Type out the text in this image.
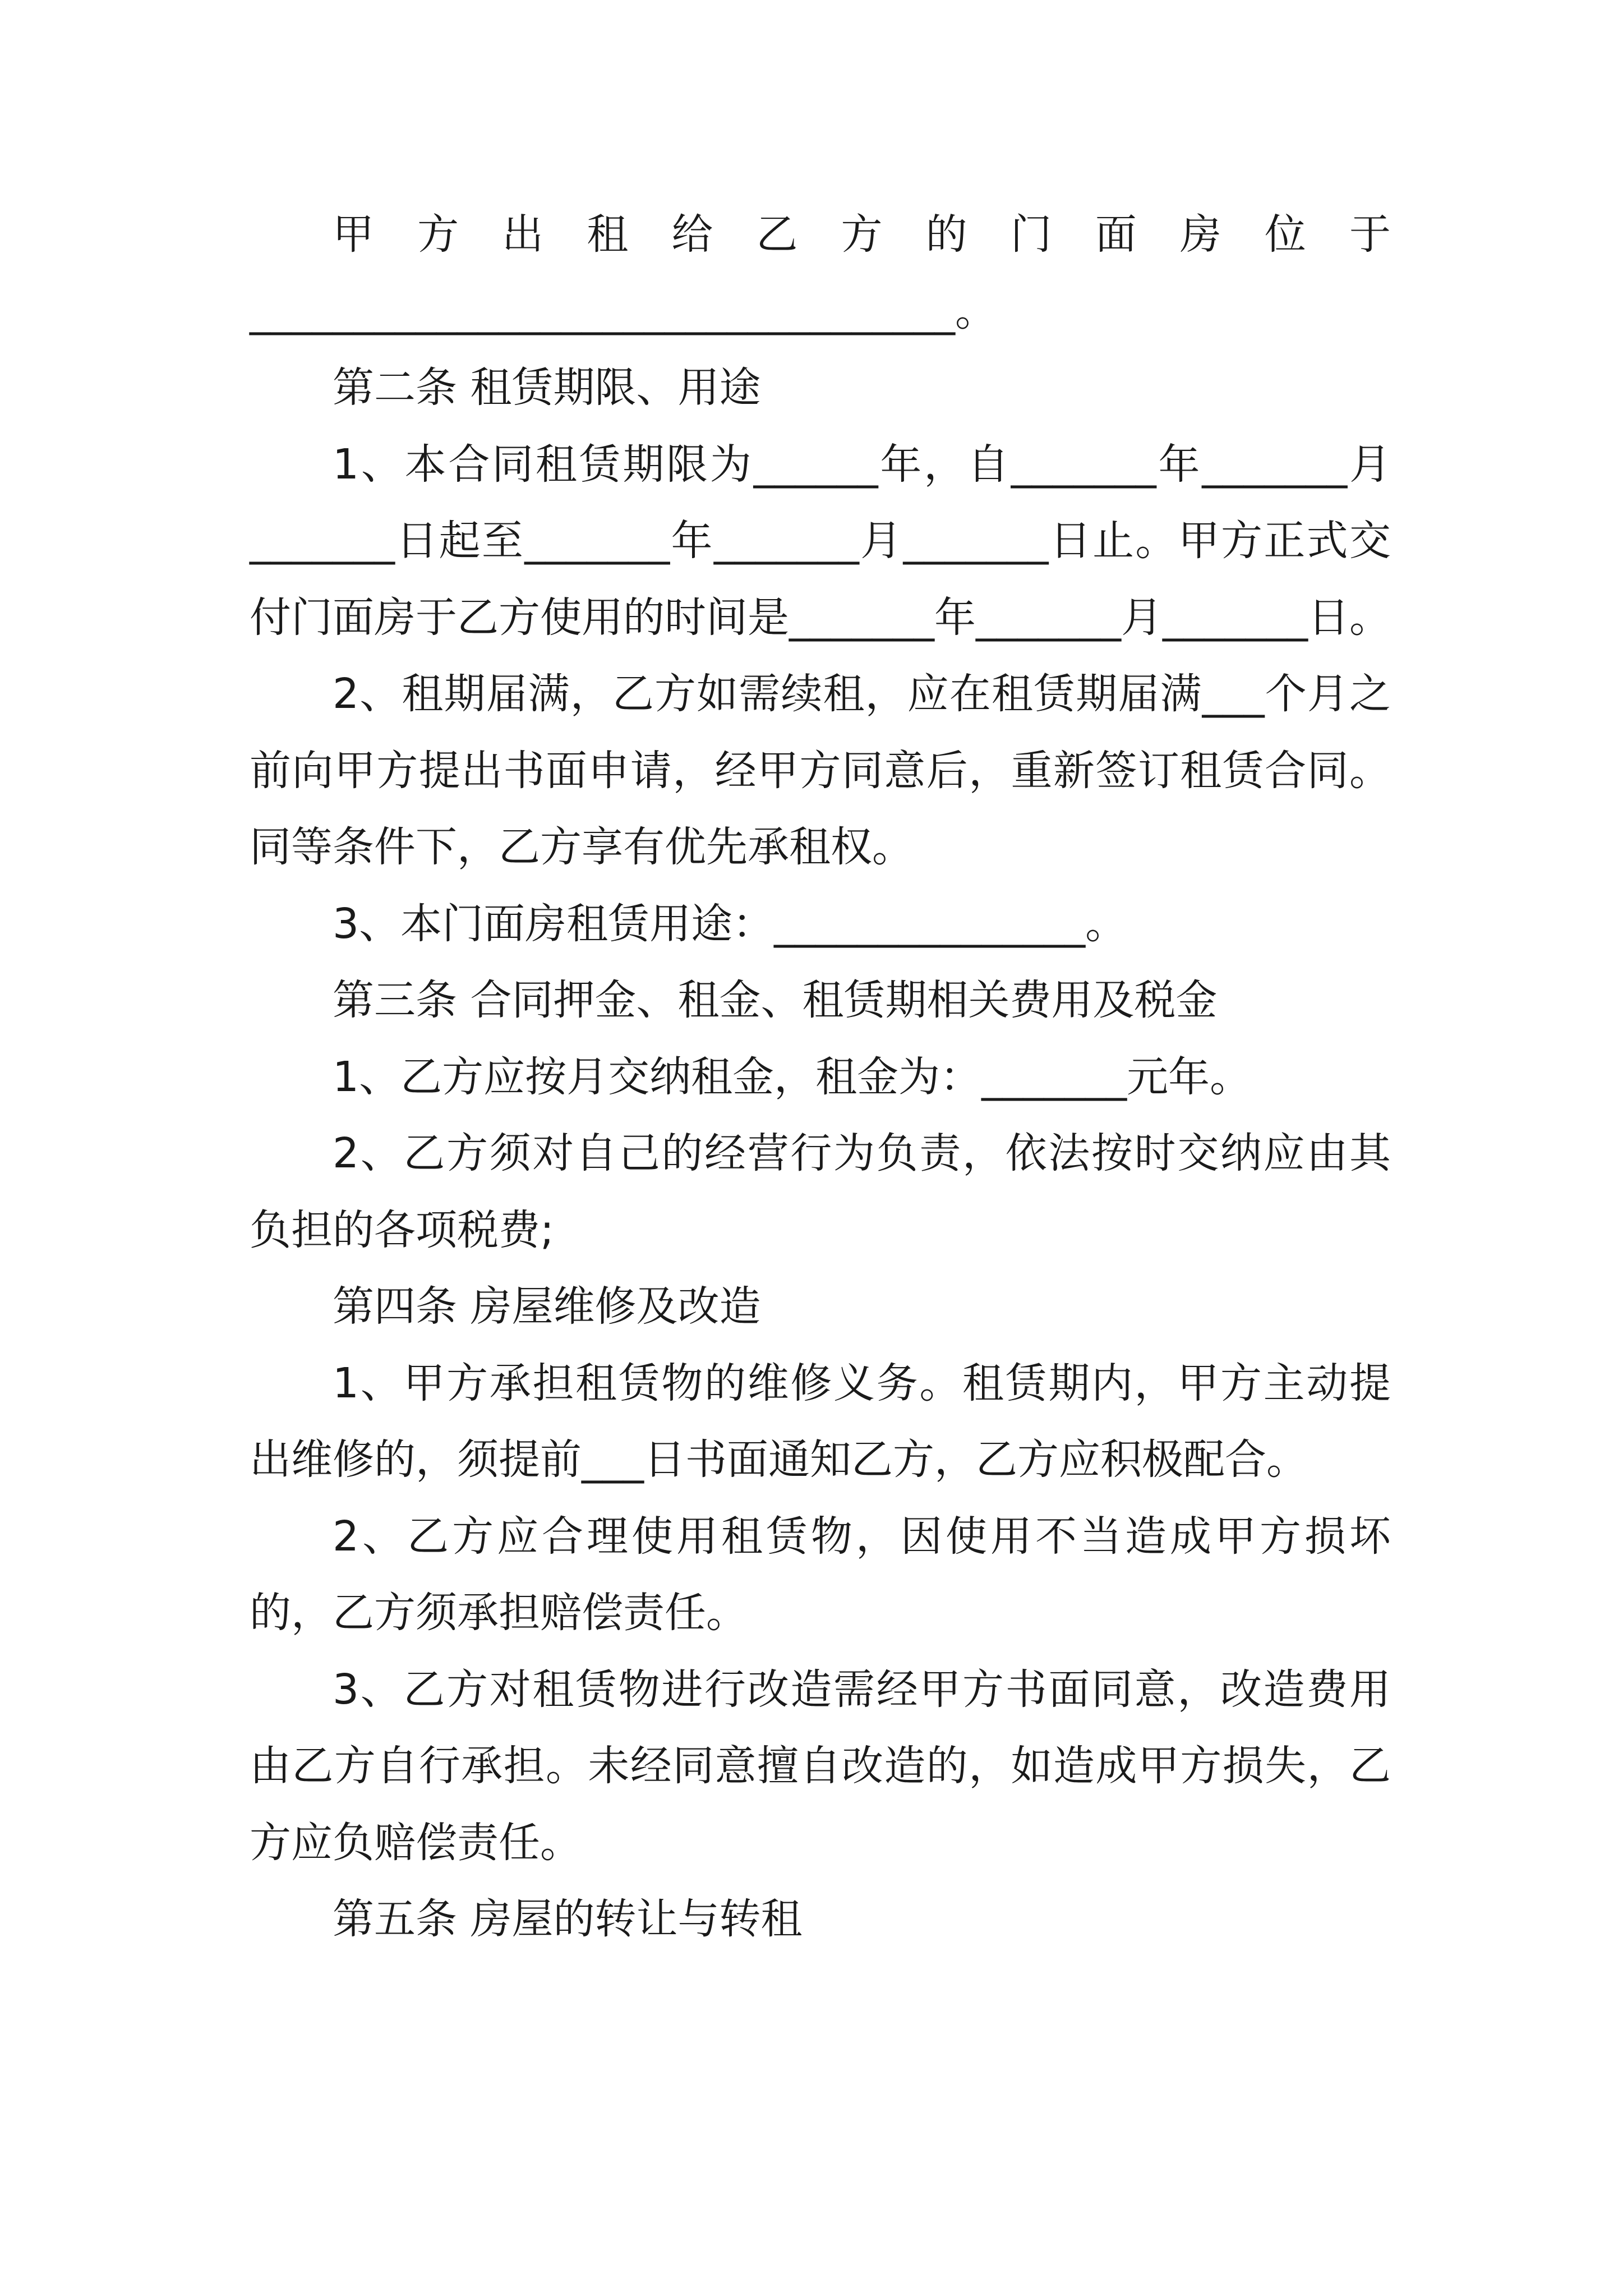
甲方出租给乙方的门面房位于

__________________________________。

第二条 租赁期限、用途

1、本合同租赁期限为______年，自_______年_______月_______日起至_______年_______月_______日止。甲方正式交付门面房于乙方使用的时间是_______年_______月_______日。

2、租期届满，乙方如需续租，应在租赁期届满___个月之前向甲方提出书面申请，经甲方同意后，重新签订租赁合同。同等条件下，乙方享有优先承租权。

3、本门面房租赁用途：_______________。

第三条 合同押金、租金、租赁期相关费用及税金

1、乙方应按月交纳租金，租金为：_______元年。

2、乙方须对自己的经营行为负责，依法按时交纳应由其负担的各项税费;

第四条 房屋维修及改造

1、甲方承担租赁物的维修义务。租赁期内，甲方主动提出维修的，须提前___日书面通知乙方，乙方应积极配合。

2、乙方应合理使用租赁物，因使用不当造成甲方损坏的，乙方须承担赔偿责任。

3、乙方对租赁物进行改造需经甲方书面同意，改造费用由乙方自行承担。未经同意擅自改造的，如造成甲方损失，乙方应负赔偿责任。

第五条 房屋的转让与转租
